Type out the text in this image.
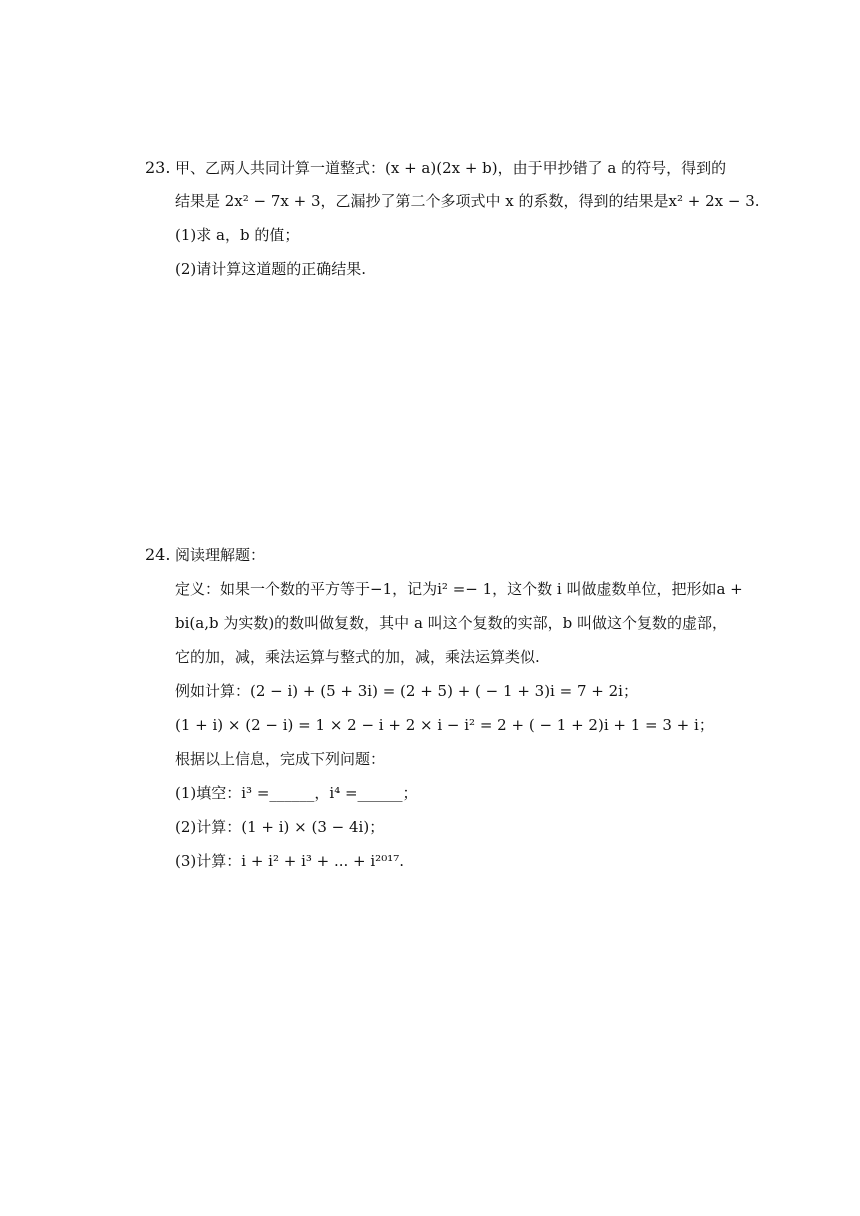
23. 甲、乙两人共同计算一道整式：(x + a)(2x + b)，由于甲抄错了 a 的符号，得到的
结果是 2x² − 7x + 3，乙漏抄了第二个多项式中 x 的系数，得到的结果是x² + 2x − 3.
(1)求 a，b 的值；
(2)请计算这道题的正确结果.
24. 阅读理解题：
定义：如果一个数的平方等于−1，记为i² =− 1，这个数 i 叫做虚数单位，把形如a +
bi(a,b 为实数)的数叫做复数，其中 a 叫这个复数的实部，b 叫做这个复数的虚部，
它的加，减，乘法运算与整式的加，减，乘法运算类似.
例如计算：(2 − i) + (5 + 3i) = (2 + 5) + ( − 1 + 3)i = 7 + 2i；
(1 + i) × (2 − i) = 1 × 2 − i + 2 × i − i² = 2 + ( − 1 + 2)i + 1 = 3 + i；
根据以上信息，完成下列问题：
(1)填空：i³ =______，i⁴ =______；
(2)计算：(1 + i) × (3 − 4i)；
(3)计算：i + i² + i³ + ... + i²⁰¹⁷.
